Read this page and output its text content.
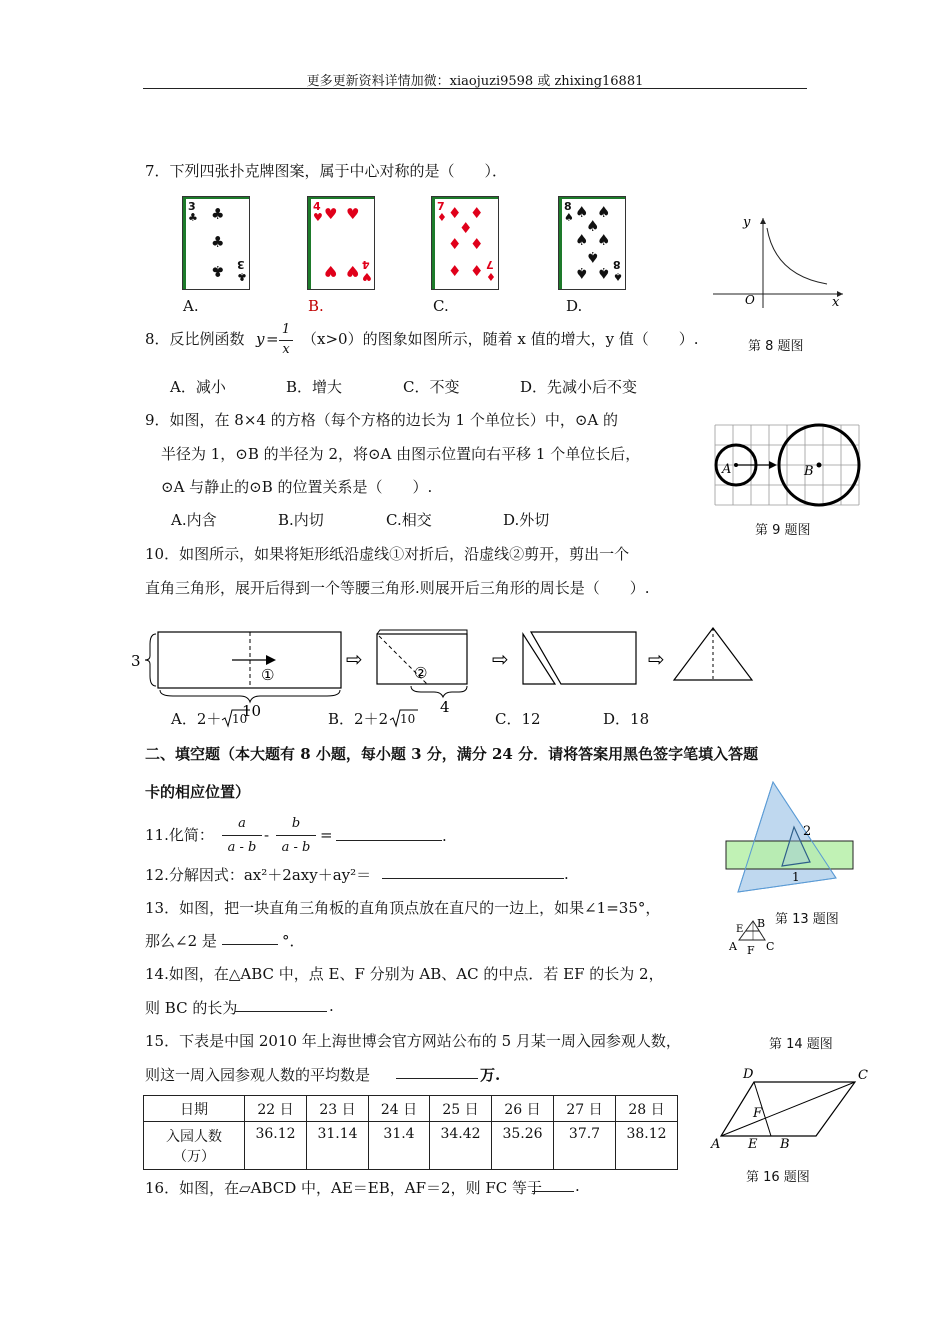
更多更新资料详情加微：xiaojuzi9598 或 zhixing16881
7．下列四张扑克牌图案，属于中心对称的是（　　）．
3
♣ ♣
♣
♣ 3
♣
4
♥ ♥ ♥
♥ ♥ 4
♥
7
♦ ♦ ♦
♦
♦ ♦
♦ ♦ 7
♦
8
♠ ♠ ♠
♠
♠ ♠
♠
♠ ♠ 8
♠
A.	B.	C.	D.
y
x
O
第 8 题图
8．反比例函数 y =
1
x
（x>0）的图象如图所示，随着 x 值的增大，y 值（　　）.
A．减小	B．增大	C．不变	D．先减小后不变
9．如图，在 8×4 的方格（每个方格的边长为 1 个单位长）中，⊙A 的
半径为 1，⊙B 的半径为 2，将⊙A 由图示位置向右平移 1 个单位长后，
⊙A 与静止的⊙B 的位置关系是（　　）.
A.内含	B.内切	C.相交	D.外切
A	B
第 9 题图
10．如图所示，如果将矩形纸沿虚线①对折后，沿虚线②剪开，剪出一个
直角三角形，展开后得到一个等腰三角形.则展开后三角形的周长是（　　）.
3
①
10
⇨
②
4
⇨	⇨
A．2＋ 10	B．2＋2 10	C．12	D．18
二、填空题（本大题有 8 小题，每小题 3 分，满分 24 分．请将答案用黑色签字笔填入答题
卡的相应位置）
11.化简：
a
a - b
-
b
a - b
=	.
12.分解因式：ax²＋2axy＋ay²＝	.
2
1
第 13 题图
A
B
C
E
F
13．如图，把一块直角三角板的直角顶点放在直尺的一边上，如果∠1=35°，
那么∠2 是	°．
14.如图，在△ABC 中，点 E、F 分别为 AB、AC 的中点．若 EF 的长为 2，
则 BC 的长为	.
第 14 题图
15．下表是中国 2010 年上海世博会官方网站公布的 5 月某一周入园参观人数，
则这一周入园参观人数的平均数是	万.
日期	22 日	23 日	24 日	25 日	26 日	27 日	28 日

入园人数
（万）	36.12	31.14	31.4	34.42	35.26	37.7	38.12
D	C
A E B
F
第 16 题图
16．如图，在▱ABCD 中，AE＝EB，AF＝2，则 FC 等于 .
